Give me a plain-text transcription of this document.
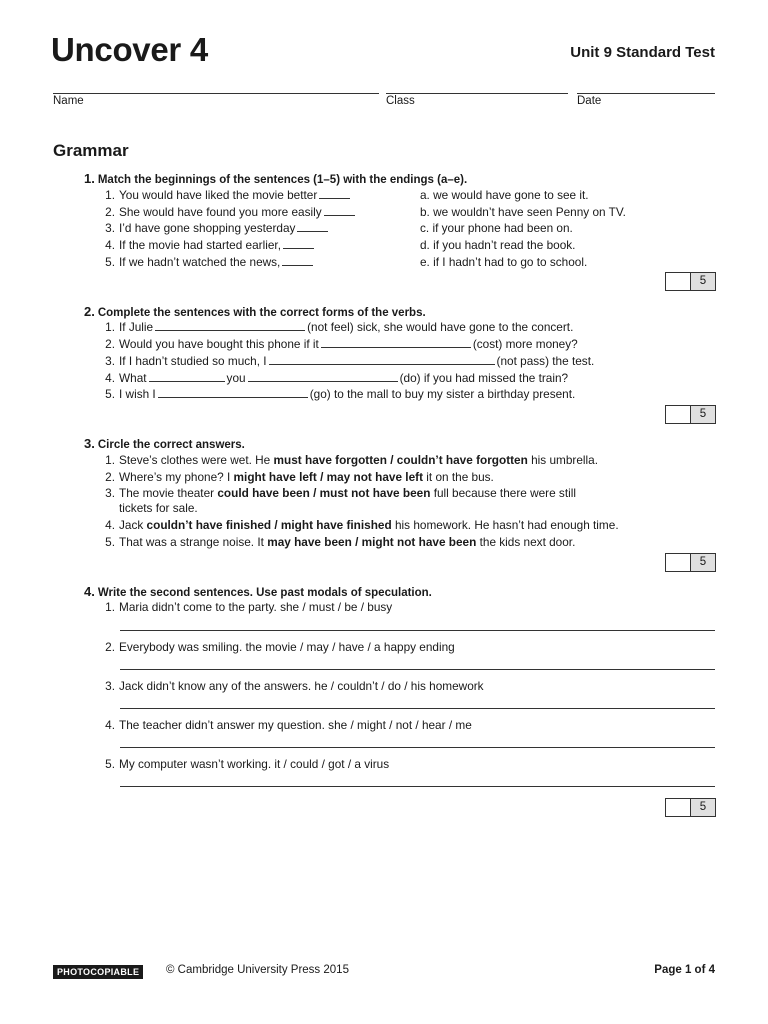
Uncover 4	Unit 9 Standard Test
Name	Class	Date
Grammar
1. Match the beginnings of the sentences (1–5) with the endings (a–e).
1. You would have liked the movie better
2. She would have found you more easily
3. I’d have gone shopping yesterday
4. If the movie had started earlier,
5. If we hadn’t watched the news,
a. we would have gone to see it.
b. we wouldn’t have seen Penny on TV.
c. if your phone had been on.
d. if you hadn’t read the book.
e. if I hadn’t had to go to school.
5
2. Complete the sentences with the correct forms of the verbs.
1. If Julie	(not feel) sick, she would have gone to the concert.
2. Would you have bought this phone if it	(cost) more money?
3. If I hadn’t studied so much, I	(not pass) the test.
4. What	you	(do) if you had missed the train?
5. I wish I	(go) to the mall to buy my sister a birthday present.
5
3. Circle the correct answers.
1. Steve’s clothes were wet. He must have forgotten / couldn’t have forgotten his umbrella.
2. Where’s my phone? I might have left / may not have left it on the bus.
3. The movie theater could have been / must not have been full because there were still
tickets for sale.
4. Jack couldn’t have finished / might have finished his homework. He hasn’t had enough time.
5. That was a strange noise. It may have been / might not have been the kids next door.
5
4. Write the second sentences. Use past modals of speculation.
1. Maria didn’t come to the party. she / must / be / busy
2. Everybody was smiling. the movie / may / have / a happy ending
3. Jack didn’t know any of the answers. he / couldn’t / do / his homework
4. The teacher didn’t answer my question. she / might / not / hear / me
5. My computer wasn’t working. it / could / got / a virus
5
PHOTOCOPIABLE	© Cambridge University Press 2015	Page 1 of 4
